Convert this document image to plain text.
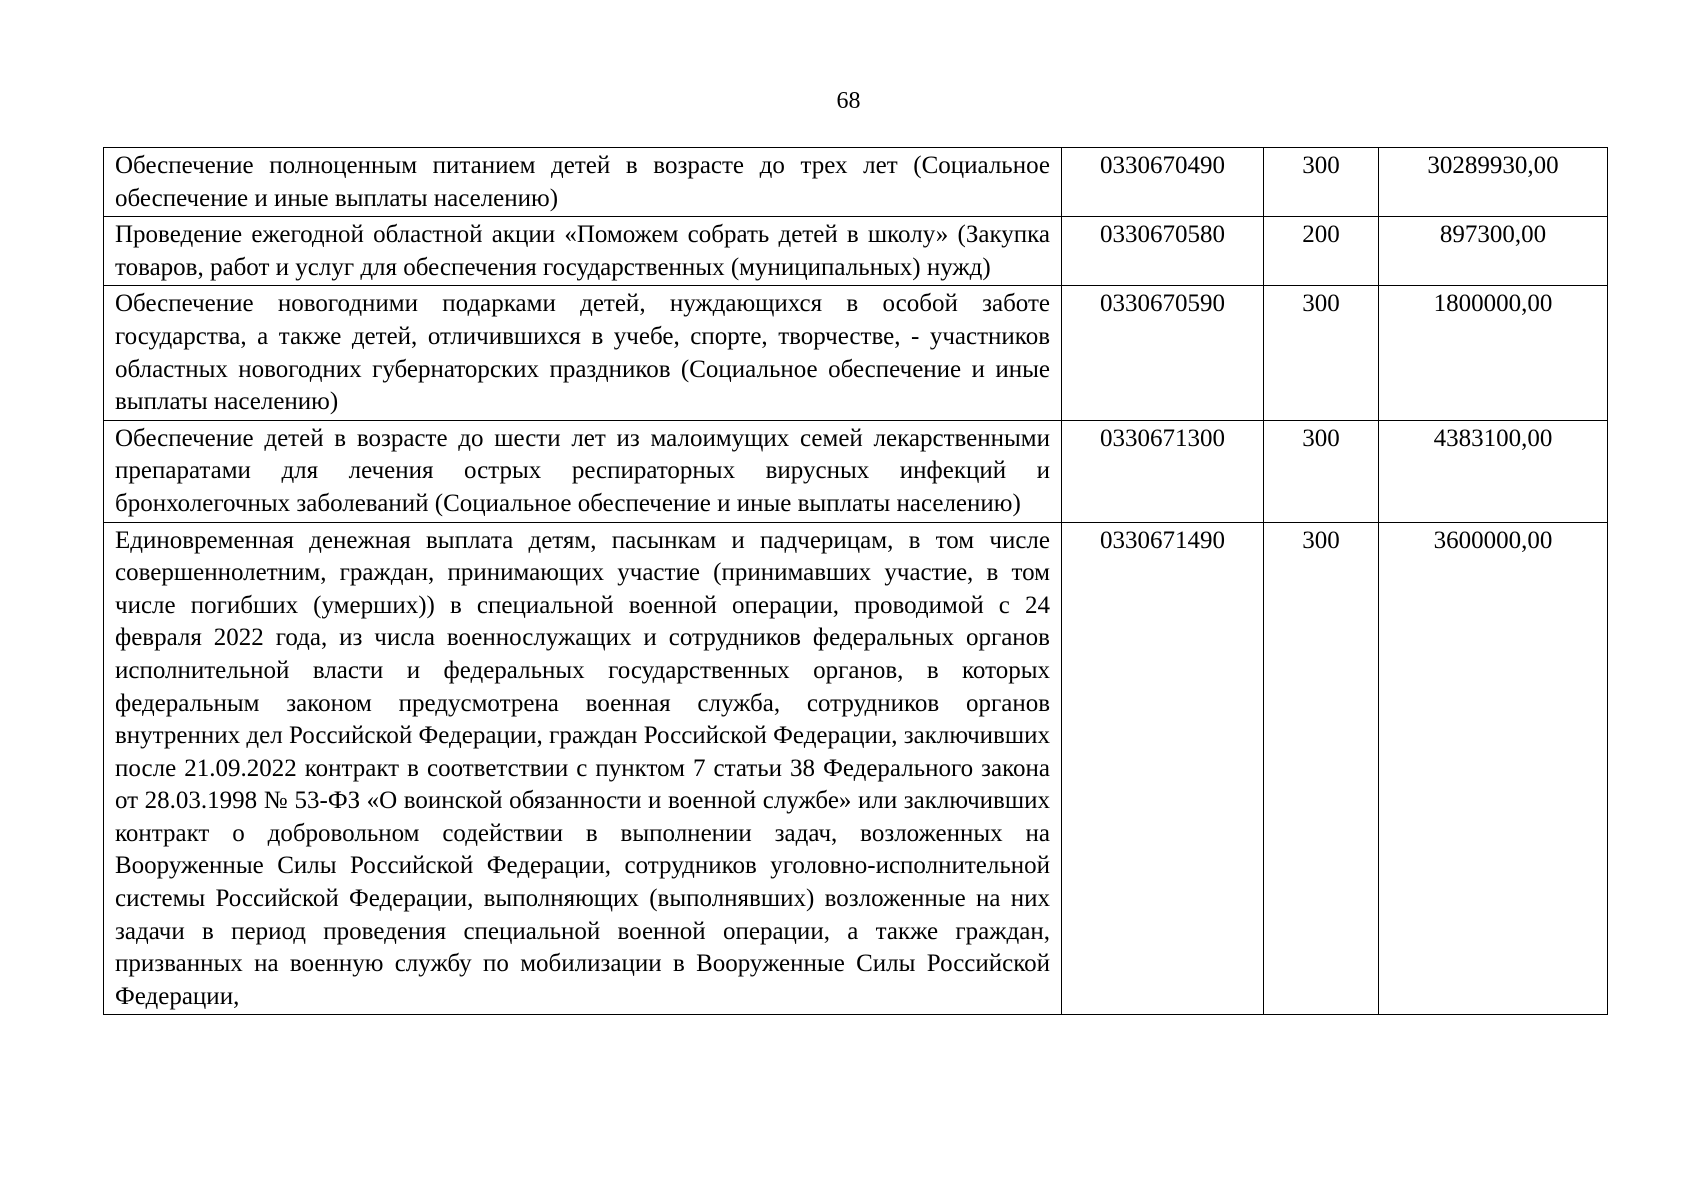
68
Обеспечение полноценным питанием детей в возрасте до трех лет (Социальное обеспечение и иные выплаты населению)	0330670490	300	30289930,00
Проведение ежегодной областной акции «Поможем собрать детей в школу» (Закупка товаров, работ и услуг для обеспечения государственных (муниципальных) нужд)	0330670580	200	897300,00
Обеспечение новогодними подарками детей, нуждающихся в особой заботе государства, а также детей, отличившихся в учебе, спорте, творчестве, - участников областных новогодних губернаторских праздников (Социальное обеспечение и иные выплаты населению)	0330670590	300	1800000,00
Обеспечение детей в возрасте до шести лет из малоимущих семей лекарственными препаратами для лечения острых респираторных вирусных инфекций и бронхолегочных заболеваний (Социальное обеспечение и иные выплаты населению)	0330671300	300	4383100,00
Единовременная денежная выплата детям, пасынкам и падчерицам, в том числе совершеннолетним, граждан, принимающих участие (принимавших участие, в том числе погибших (умерших)) в специальной военной операции, проводимой с 24 февраля 2022 года, из числа военнослужащих и сотрудников федеральных органов исполнительной власти и федеральных государственных органов, в которых федеральным законом предусмотрена военная служба, сотрудников органов внутренних дел Российской Федерации, граждан Российской Федерации, заключивших после 21.09.2022 контракт в соответствии с пунктом 7 статьи 38 Федерального закона от 28.03.1998 № 53-ФЗ «О воинской обязанности и военной службе» или заключивших контракт о добровольном содействии в выполнении задач, возложенных на Вооруженные Силы Российской Федерации, сотрудников уголовно-исполнительной системы Российской Федерации, выполняющих (выполнявших) возложенные на них задачи в период проведения специальной военной операции, а также граждан, призванных на военную службу по мобилизации в Вооруженные Силы Российской Федерации,	0330671490	300	3600000,00
